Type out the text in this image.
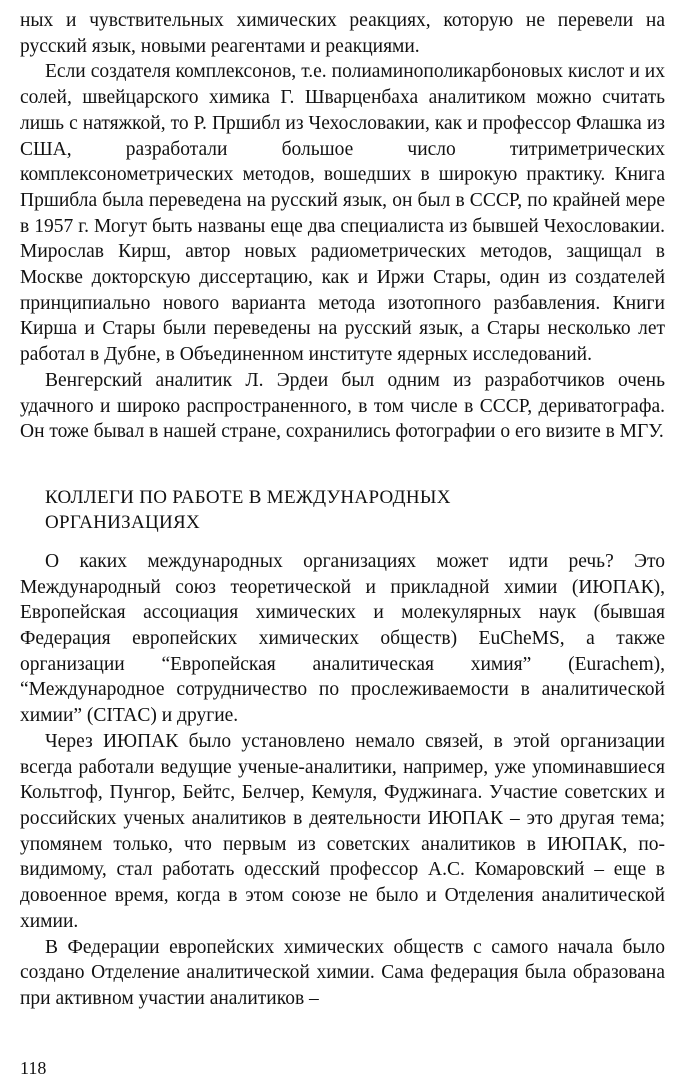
ных и чувствительных химических реакциях, которую не перевели на русский язык, новыми реагентами и реакциями.

Если создателя комплексонов, т.е. полиаминополикарбоновых кислот и их солей, швейцарского химика Г. Шварценбаха аналитиком можно считать лишь с натяжкой, то Р. Пршибл из Чехословакии, как и профессор Флашка из США, разработали большое число титриметрических комплексонометрических методов, вошедших в широкую практику. Книга Пршибла была переведена на русский язык, он был в СССР, по крайней мере в 1957 г. Могут быть названы еще два специалиста из бывшей Чехословакии. Мирослав Кирш, автор новых радиометрических методов, защищал в Москве докторскую диссертацию, как и Иржи Стары, один из создателей принципиально нового варианта метода изотопного разбавления. Книги Кирша и Стары были переведены на русский язык, а Стары несколько лет работал в Дубне, в Объединенном институте ядерных исследований.

Венгерский аналитик Л. Эрдеи был одним из разработчиков очень удачного и широко распространенного, в том числе в СССР, дериватографа. Он тоже бывал в нашей стране, сохранились фотографии о его визите в МГУ.

КОЛЛЕГИ ПО РАБОТЕ В МЕЖДУНАРОДНЫХ

ОРГАНИЗАЦИЯХ

О каких международных организациях может идти речь? Это Международный союз теоретической и прикладной химии (ИЮПАК), Европейская ассоциация химических и молекулярных наук (бывшая Федерация европейских химических обществ) EuCheMS, а также организации “Европейская аналитическая химия” (Eurachem), “Международное сотрудничество по прослеживаемости в аналитической химии” (CITAC) и другие.

Через ИЮПАК было установлено немало связей, в этой организации всегда работали ведущие ученые-аналитики, например, уже упоминавшиеся Кольтгоф, Пунгор, Бейтс, Белчер, Кемуля, Фуджинага. Участие советских и российских ученых аналитиков в деятельности ИЮПАК – это другая тема; упомянем только, что первым из советских аналитиков в ИЮПАК, по-видимому, стал работать одесский профессор А.С. Комаровский – еще в довоенное время, когда в этом союзе не было и Отделения аналитической химии.

В Федерации европейских химических обществ с самого начала было создано Отделение аналитической химии. Сама федерация была образована при активном участии аналитиков –

118
